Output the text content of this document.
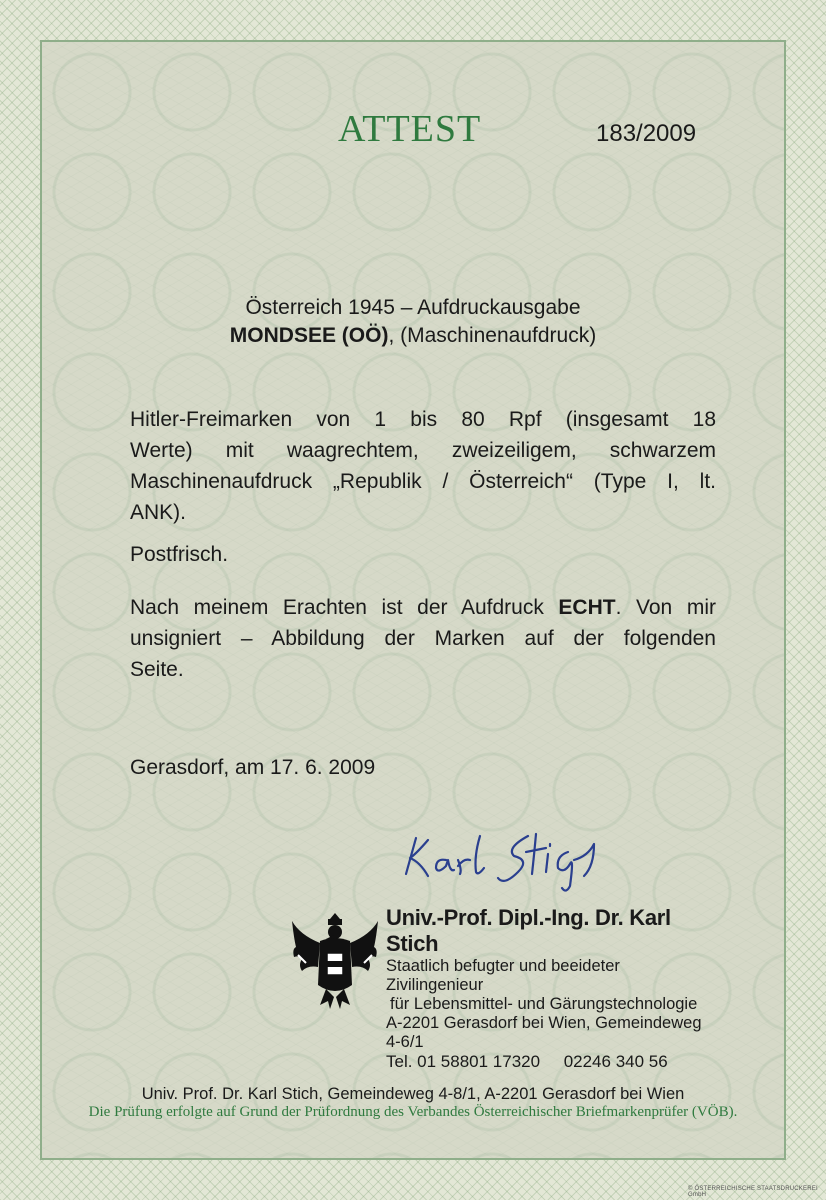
ATTEST	183/2009
Österreich 1945 – Aufdruckausgabe
MONDSEE (OÖ), (Maschinenaufdruck)
Hitler-Freimarken von 1 bis 80 Rpf (insgesamt 18
Werte) mit waagrechtem, zweizeiligem, schwarzem
Maschinenaufdruck „Republik / Österreich“ (Type I, lt.
ANK).
Postfrisch.
Nach meinem Erachten ist der Aufdruck ECHT. Von mir
unsigniert – Abbildung der Marken auf der folgenden
Seite.
Gerasdorf, am 17. 6. 2009
Univ.-Prof. Dipl.-Ing. Dr. Karl Stich
Staatlich befugter und beeideter Zivilingenieur
für Lebensmittel- und Gärungstechnologie
A-2201 Gerasdorf bei Wien, Gemeindeweg 4-6/1
Tel. 01 58801 17320     02246 340 56
Univ. Prof. Dr. Karl Stich, Gemeindeweg 4-8/1, A-2201 Gerasdorf bei Wien
Die Prüfung erfolgte auf Grund der Prüfordnung des Verbandes Österreichischer Briefmarkenprüfer (VÖB).
© ÖSTERREICHISCHE STAATSDRUCKEREI GmbH
